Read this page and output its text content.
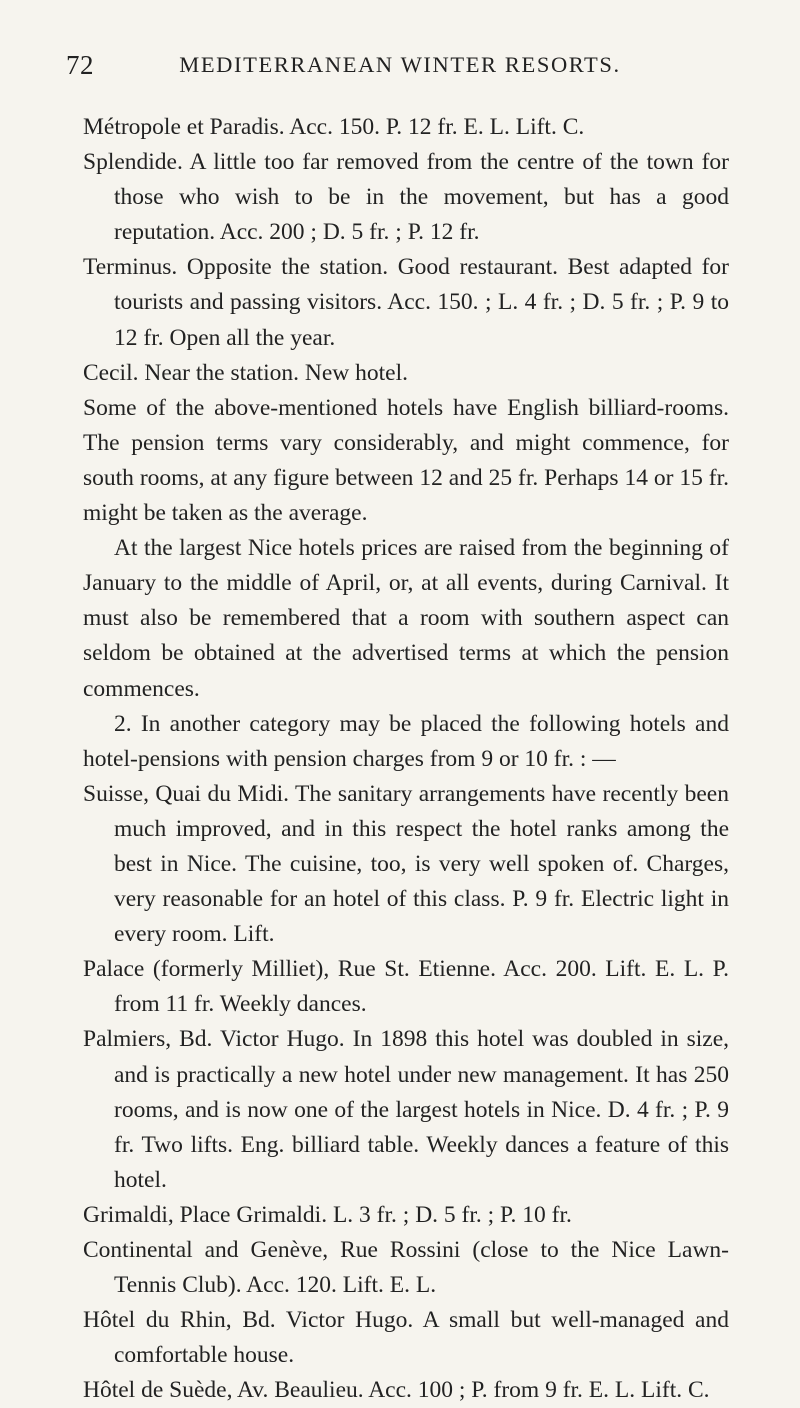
72	MEDITERRANEAN WINTER RESORTS.

Métropole et Paradis. Acc. 150. P. 12 fr. E. L. Lift. C.

Splendide. A little too far removed from the centre of the town for those who wish to be in the movement, but has a good reputation. Acc. 200 ; D. 5 fr. ; P. 12 fr.

Terminus. Opposite the station. Good restaurant. Best adapted for tourists and passing visitors. Acc. 150. ; L. 4 fr. ; D. 5 fr. ; P. 9 to 12 fr. Open all the year.

Cecil. Near the station. New hotel.

Some of the above-mentioned hotels have English billiard-rooms. The pension terms vary considerably, and might commence, for south rooms, at any figure between 12 and 25 fr. Perhaps 14 or 15 fr. might be taken as the average.

At the largest Nice hotels prices are raised from the beginning of January to the middle of April, or, at all events, during Carnival. It must also be remembered that a room with southern aspect can seldom be obtained at the advertised terms at which the pension commences.

2. In another category may be placed the following hotels and hotel-pensions with pension charges from 9 or 10 fr. : —

Suisse, Quai du Midi. The sanitary arrangements have recently been much improved, and in this respect the hotel ranks among the best in Nice. The cuisine, too, is very well spoken of. Charges, very reasonable for an hotel of this class. P. 9 fr. Electric light in every room. Lift.

Palace (formerly Milliet), Rue St. Etienne. Acc. 200. Lift. E. L. P. from 11 fr. Weekly dances.

Palmiers, Bd. Victor Hugo. In 1898 this hotel was doubled in size, and is practically a new hotel under new management. It has 250 rooms, and is now one of the largest hotels in Nice. D. 4 fr. ; P. 9 fr. Two lifts. Eng. billiard table. Weekly dances a feature of this hotel.

Grimaldi, Place Grimaldi. L. 3 fr. ; D. 5 fr. ; P. 10 fr.

Continental and Genève, Rue Rossini (close to the Nice Lawn-Tennis Club). Acc. 120. Lift. E. L.

Hôtel du Rhin, Bd. Victor Hugo. A small but well-managed and comfortable house.

Hôtel de Suède, Av. Beaulieu. Acc. 100 ; P. from 9 fr. E. L. Lift. C.
